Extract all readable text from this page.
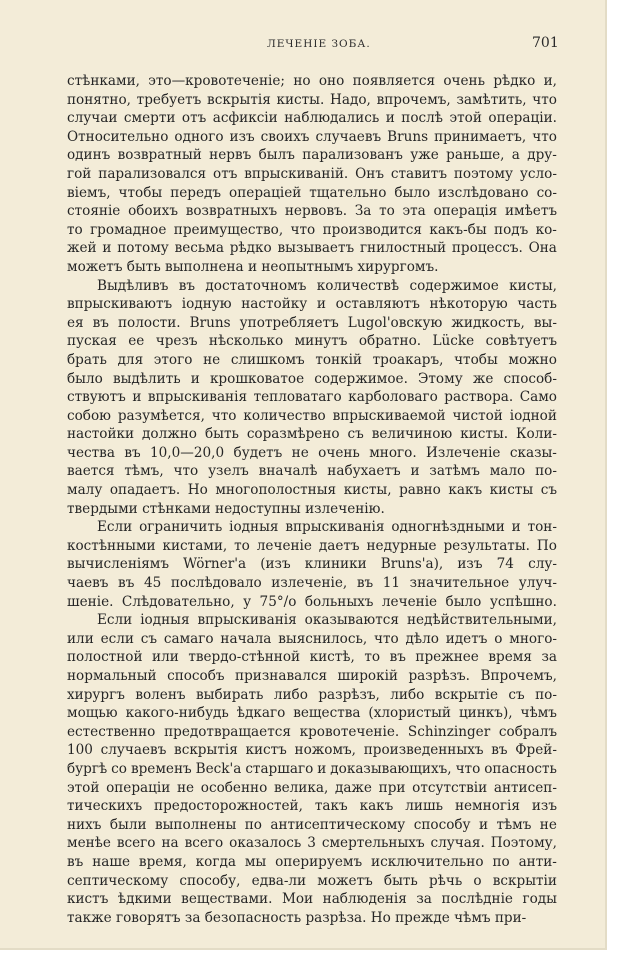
ЛЕЧЕНІЕ ЗОБА.	701
стѣнками, это—кровотеченіе; но оно появляется очень рѣдко и,
понятно, требуетъ вскрытія кисты. Надо, впрочемъ, замѣтить, что
случаи смерти отъ асфиксіи наблюдались и послѣ этой операціи.
Относительно одного изъ своихъ случаевъ Bruns принимаетъ, что
одинъ возвратный нервъ былъ парализованъ уже раньше, а дру-
гой парализовался отъ впрыскиваній. Онъ ставитъ поэтому усло-
віемъ, чтобы передъ операціей тщательно было изслѣдовано со-
стояніе обоихъ возвратныхъ нервовъ. За то эта операція имѣетъ
то громадное преимущество, что производится какъ-бы подъ ко-
жей и потому весьма рѣдко вызываетъ гнилостный процессъ. Она
можетъ быть выполнена и неопытнымъ хирургомъ.
Выдѣливъ въ достаточномъ количествѣ содержимое кисты,
впрыскиваютъ іодную настойку и оставляютъ нѣкоторую часть
ея въ полости. Bruns употребляетъ Lugol'овскую жидкость, вы-
пуская ее чрезъ нѣсколько минутъ обратно. Lücke совѣтуетъ
брать для этого не слишкомъ тонкій троакаръ, чтобы можно
было выдѣлить и крошковатое содержимое. Этому же способ-
ствуютъ и впрыскиванія тепловатаго карболоваго раствора. Само
собою разумѣется, что количество впрыскиваемой чистой іодной
настойки должно быть соразмѣрено съ величиною кисты. Коли-
чества въ 10,0—20,0 будетъ не очень много. Излеченіе сказы-
вается тѣмъ, что узелъ вначалѣ набухаетъ и затѣмъ мало по-
малу опадаетъ. Но многополостныя кисты, равно какъ кисты съ
твердыми стѣнками недоступны излеченію.
Если ограничить іодныя впрыскиванія одногнѣздными и тон-
костѣнными кистами, то леченіе даетъ недурные результаты. По
вычисленіямъ Wörner'а (изъ клиники Bruns'а), изъ 74 слу-
чаевъ въ 45 послѣдовало излеченіе, въ 11 значительное улуч-
шеніе. Слѣдовательно, у 75°/o больныхъ леченіе было успѣшно.
Если іодныя впрыскиванія оказываются недѣйствительными,
или если съ самаго начала выяснилось, что дѣло идетъ о много-
полостной или твердо-стѣнной кистѣ, то въ прежнее время за
нормальный способъ признавался широкій разрѣзъ. Впрочемъ,
хирургъ воленъ выбирать либо разрѣзъ, либо вскрытіе съ по-
мощью какого-нибудь ѣдкаго вещества (хлористый цинкъ), чѣмъ
естественно предотвращается кровотеченіе. Schinzinger собралъ
100 случаевъ вскрытія кистъ ножомъ, произведенныхъ въ Фрей-
бургѣ со временъ Beck'а старшаго и доказывающихъ, что опасность
этой операціи не особенно велика, даже при отсутствіи антисеп-
тическихъ предосторожностей, такъ какъ лишь немногія изъ
нихъ были выполнены по антисептическому способу и тѣмъ не
менѣе всего на всего оказалось 3 смертельныхъ случая. Поэтому,
въ наше время, когда мы оперируемъ исключительно по анти-
септическому способу, едва-ли можетъ быть рѣчь о вскрытіи
кистъ ѣдкими веществами. Мои наблюденія за послѣдніе годы
также говорятъ за безопасность разрѣза. Но прежде чѣмъ при-
